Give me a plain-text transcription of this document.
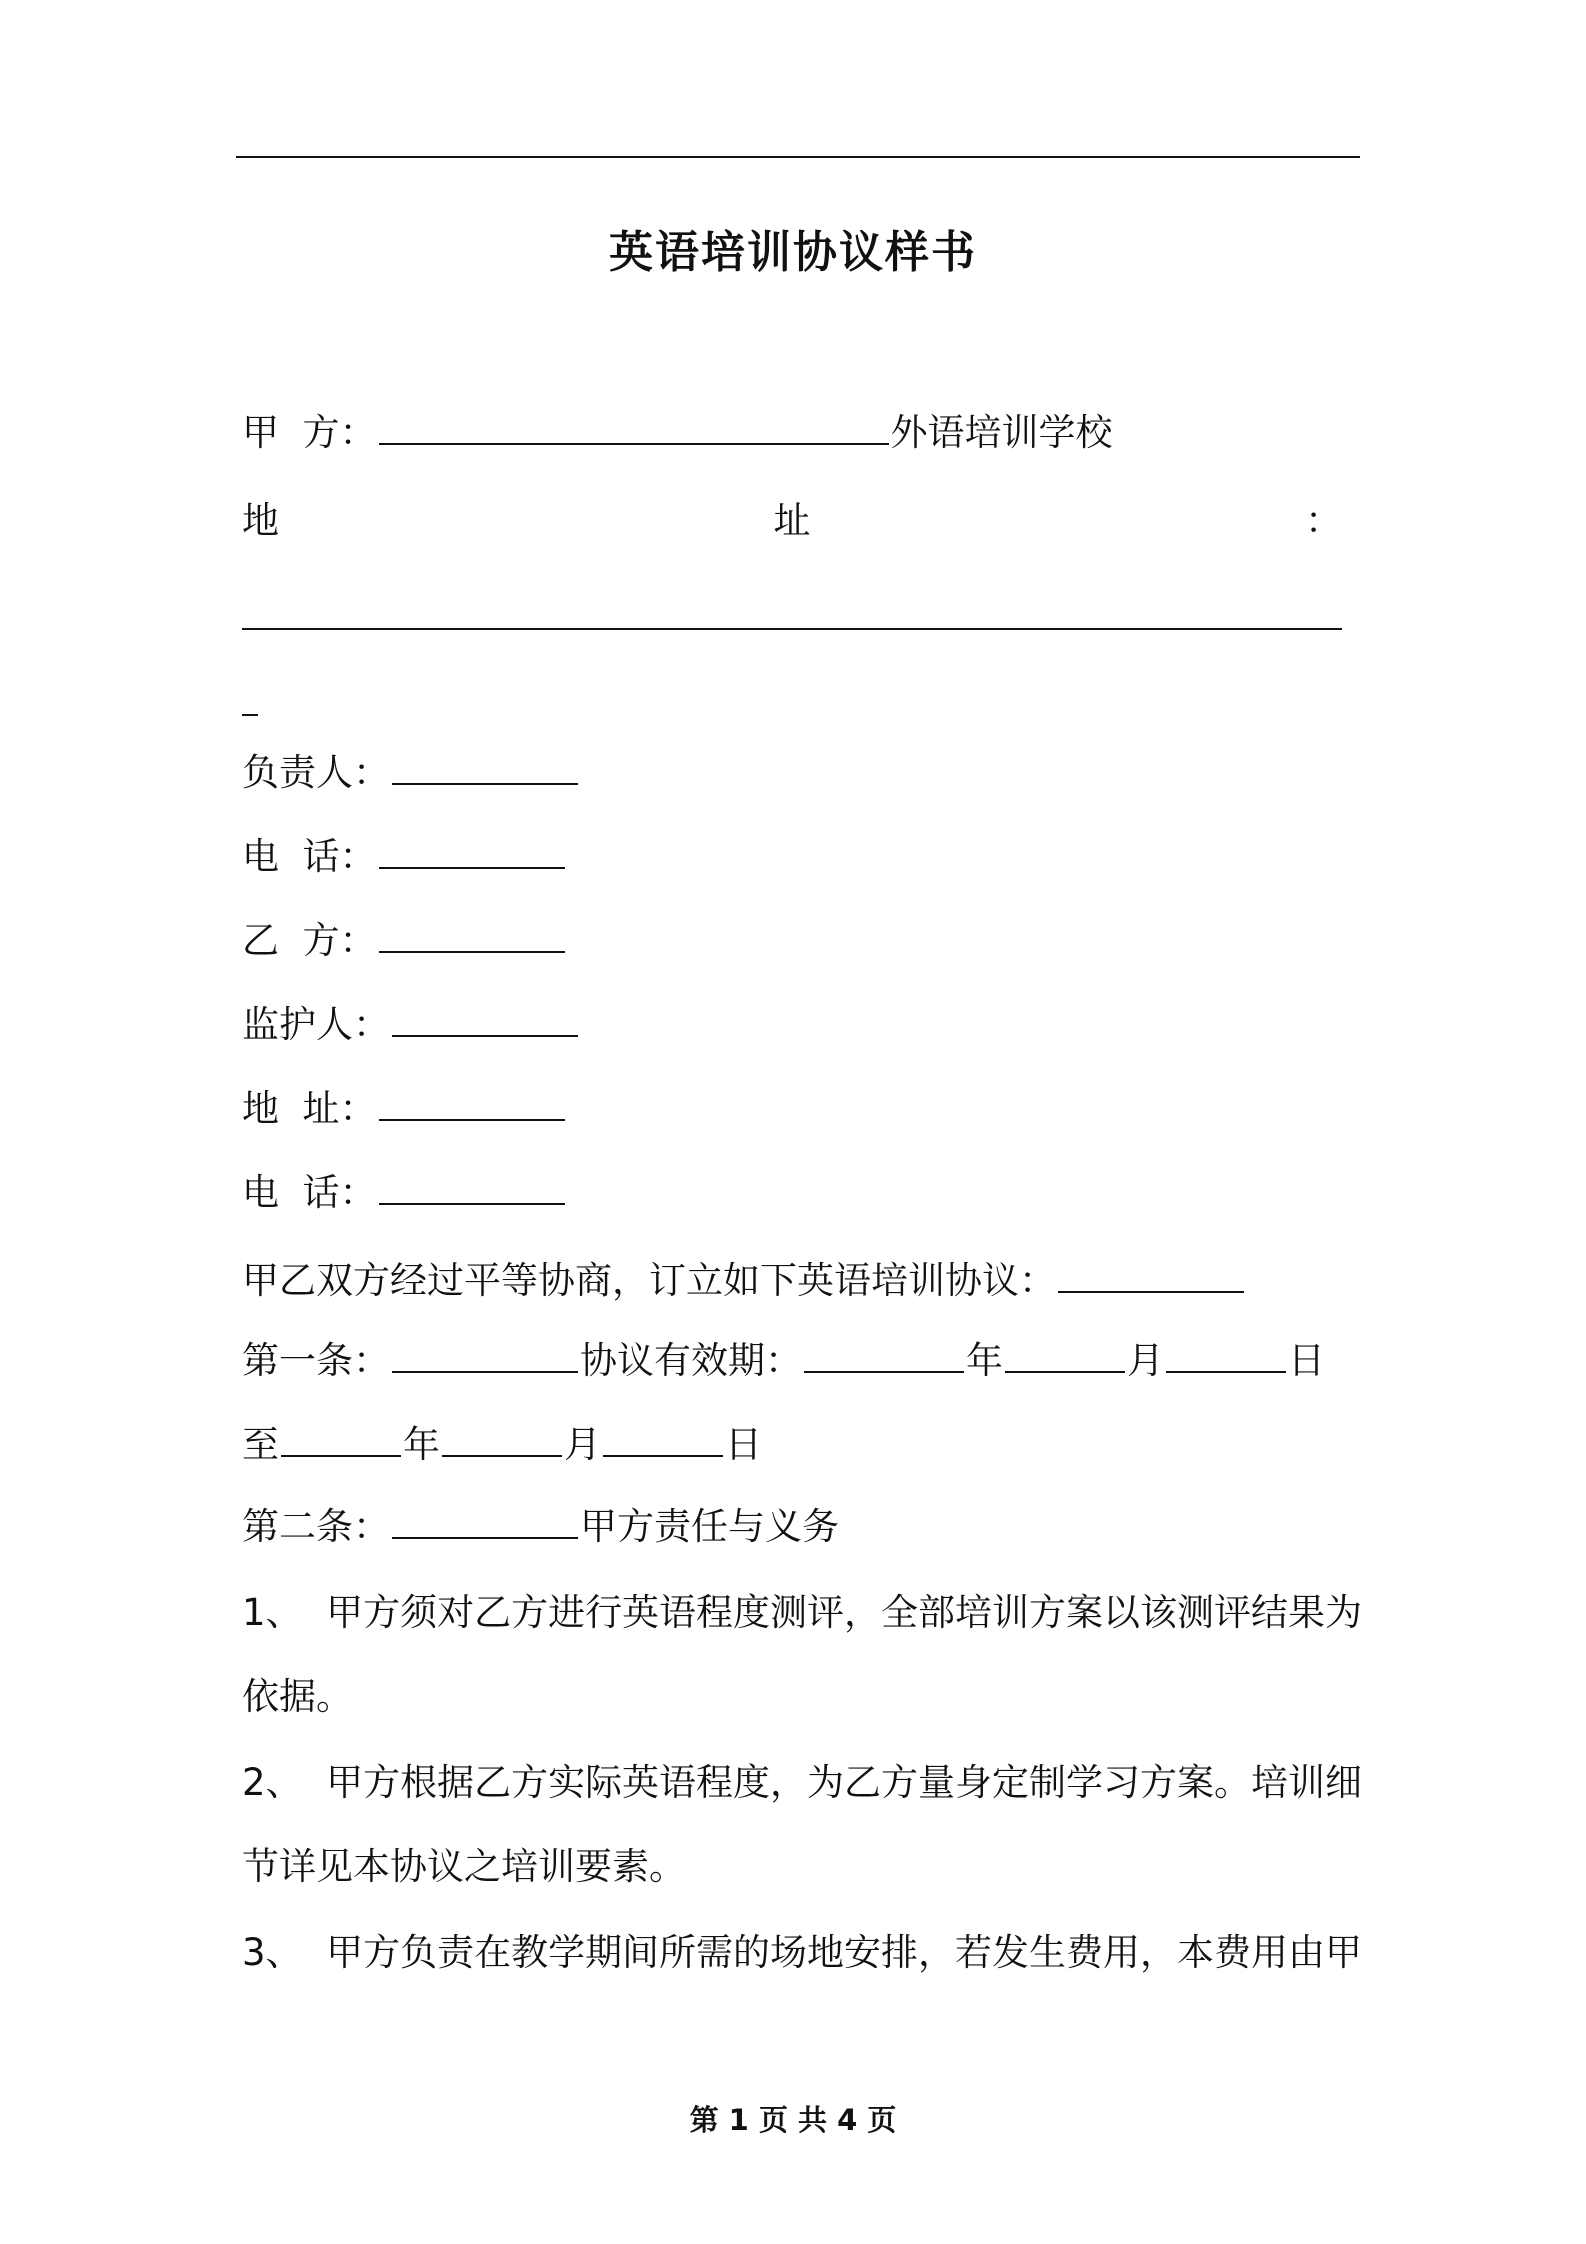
英语培训协议样书
甲  方：	外语培训学校
地	址	：
负责人：
电  话：
乙  方：
监护人：
地  址：
电  话：
甲乙双方经过平等协商，订立如下英语培训协议：
第一条：	协议有效期：	年	月	日
至	年	月	日
第二条：	甲方责任与义务
1、  甲方须对乙方进行英语程度测评，全部培训方案以该测评结果为
依据。
2、  甲方根据乙方实际英语程度，为乙方量身定制学习方案。培训细
节详见本协议之培训要素。
3、  甲方负责在教学期间所需的场地安排，若发生费用，本费用由甲
第 1 页 共 4 页
